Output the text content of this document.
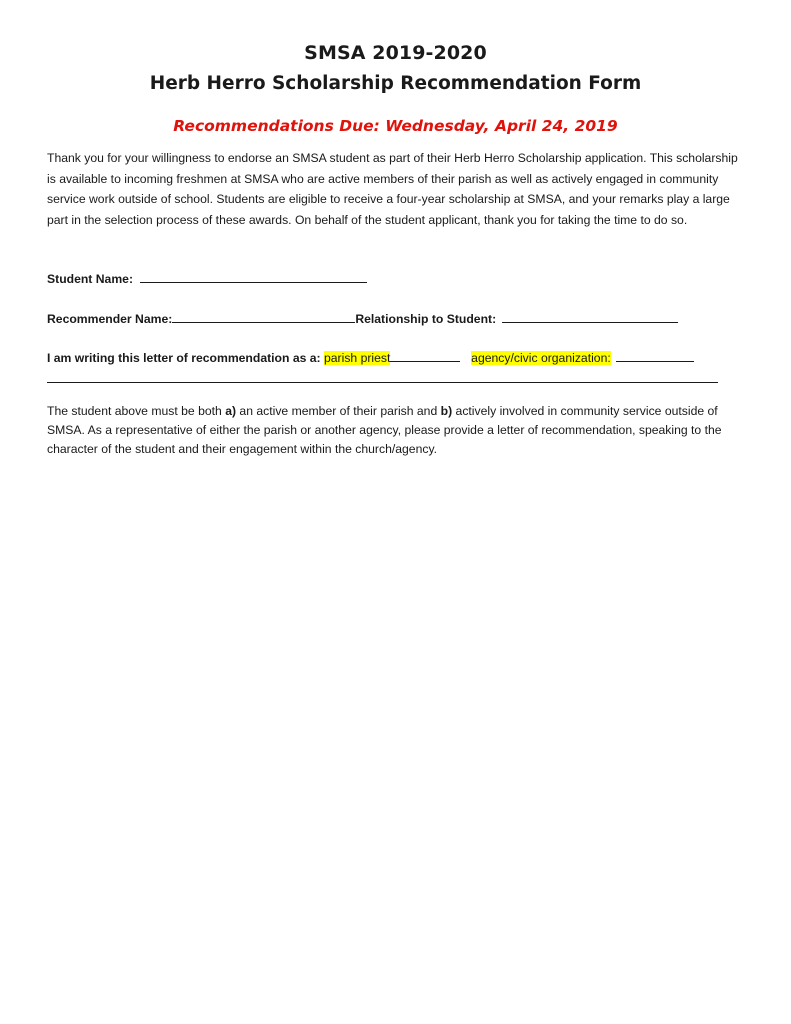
SMSA 2019-2020
Herb Herro Scholarship Recommendation Form
Recommendations Due: Wednesday, April 24, 2019

Thank you for your willingness to endorse an SMSA student as part of their Herb Herro Scholarship application. This scholarship is available to incoming freshmen at SMSA who are active members of their parish as well as actively engaged in community service work outside of school. Students are eligible to receive a four-year scholarship at SMSA, and your remarks play a large part in the selection process of these awards. On behalf of the student applicant, thank you for taking the time to do so.

Student Name:
Recommender Name:	Relationship to Student:
I am writing this letter of recommendation as a: parish priest	agency/civic organization:

The student above must be both a) an active member of their parish and b) actively involved in community service outside of SMSA. As a representative of either the parish or another agency, please provide a letter of recommendation, speaking to the character of the student and their engagement within the church/agency.
